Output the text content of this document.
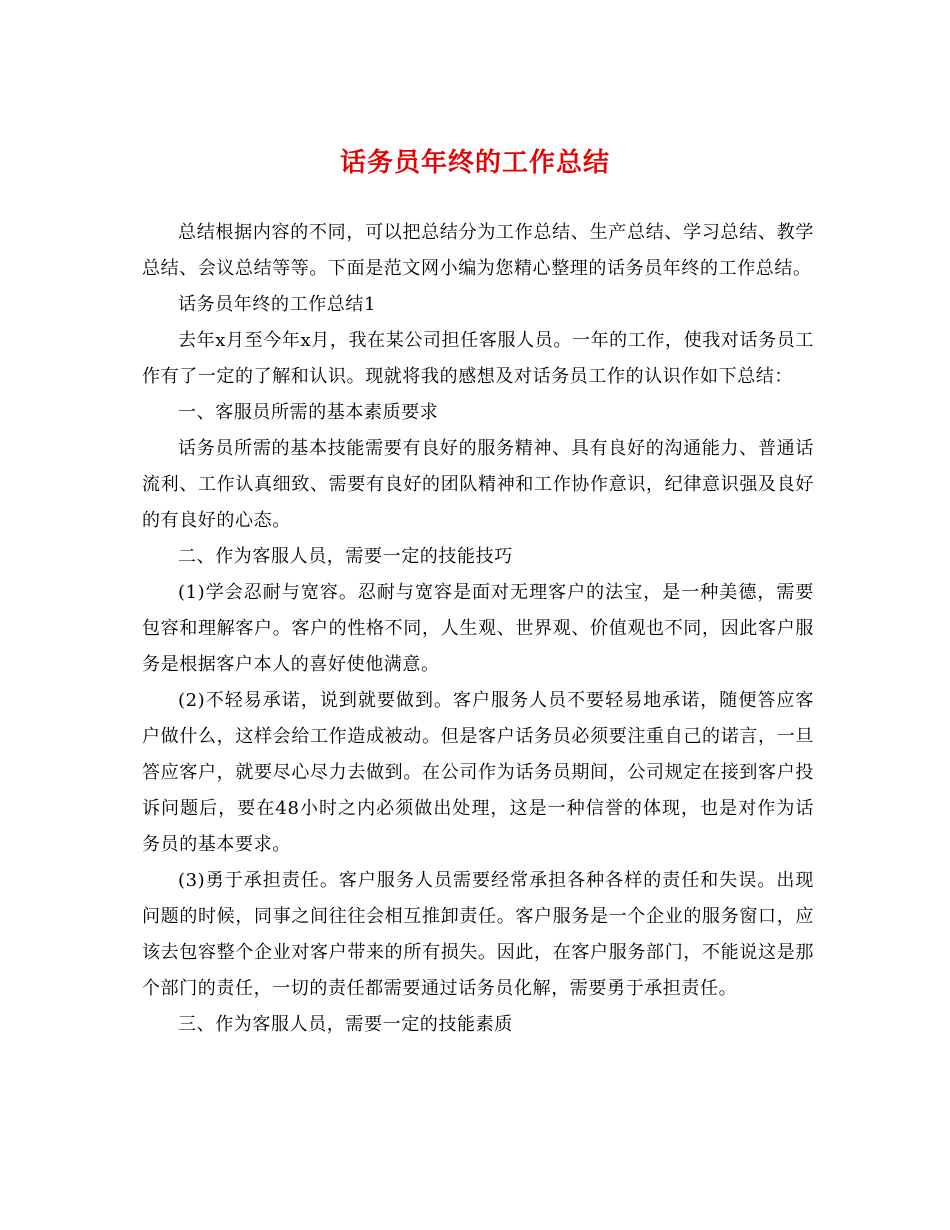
话务员年终的工作总结

总结根据内容的不同，可以把总结分为工作总结、生产总结、学习总结、教学总结、会议总结等等。下面是范文网小编为您精心整理的话务员年终的工作总结。

话务员年终的工作总结1

去年x月至今年x月，我在某公司担任客服人员。一年的工作，使我对话务员工作有了一定的了解和认识。现就将我的感想及对话务员工作的认识作如下总结：

一、客服员所需的基本素质要求

话务员所需的基本技能需要有良好的服务精神、具有良好的沟通能力、普通话流利、工作认真细致、需要有良好的团队精神和工作协作意识，纪律意识强及良好的有良好的心态。

二、作为客服人员，需要一定的技能技巧

(1)学会忍耐与宽容。忍耐与宽容是面对无理客户的法宝，是一种美德，需要包容和理解客户。客户的性格不同，人生观、世界观、价值观也不同，因此客户服务是根据客户本人的喜好使他满意。

(2)不轻易承诺，说到就要做到。客户服务人员不要轻易地承诺，随便答应客户做什么，这样会给工作造成被动。但是客户话务员必须要注重自己的诺言，一旦答应客户，就要尽心尽力去做到。在公司作为话务员期间，公司规定在接到客户投诉问题后，要在48小时之内必须做出处理，这是一种信誉的体现，也是对作为话务员的基本要求。

(3)勇于承担责任。客户服务人员需要经常承担各种各样的责任和失误。出现问题的时候，同事之间往往会相互推卸责任。客户服务是一个企业的服务窗口，应该去包容整个企业对客户带来的所有损失。因此，在客户服务部门，不能说这是那个部门的责任，一切的责任都需要通过话务员化解，需要勇于承担责任。

三、作为客服人员，需要一定的技能素质
